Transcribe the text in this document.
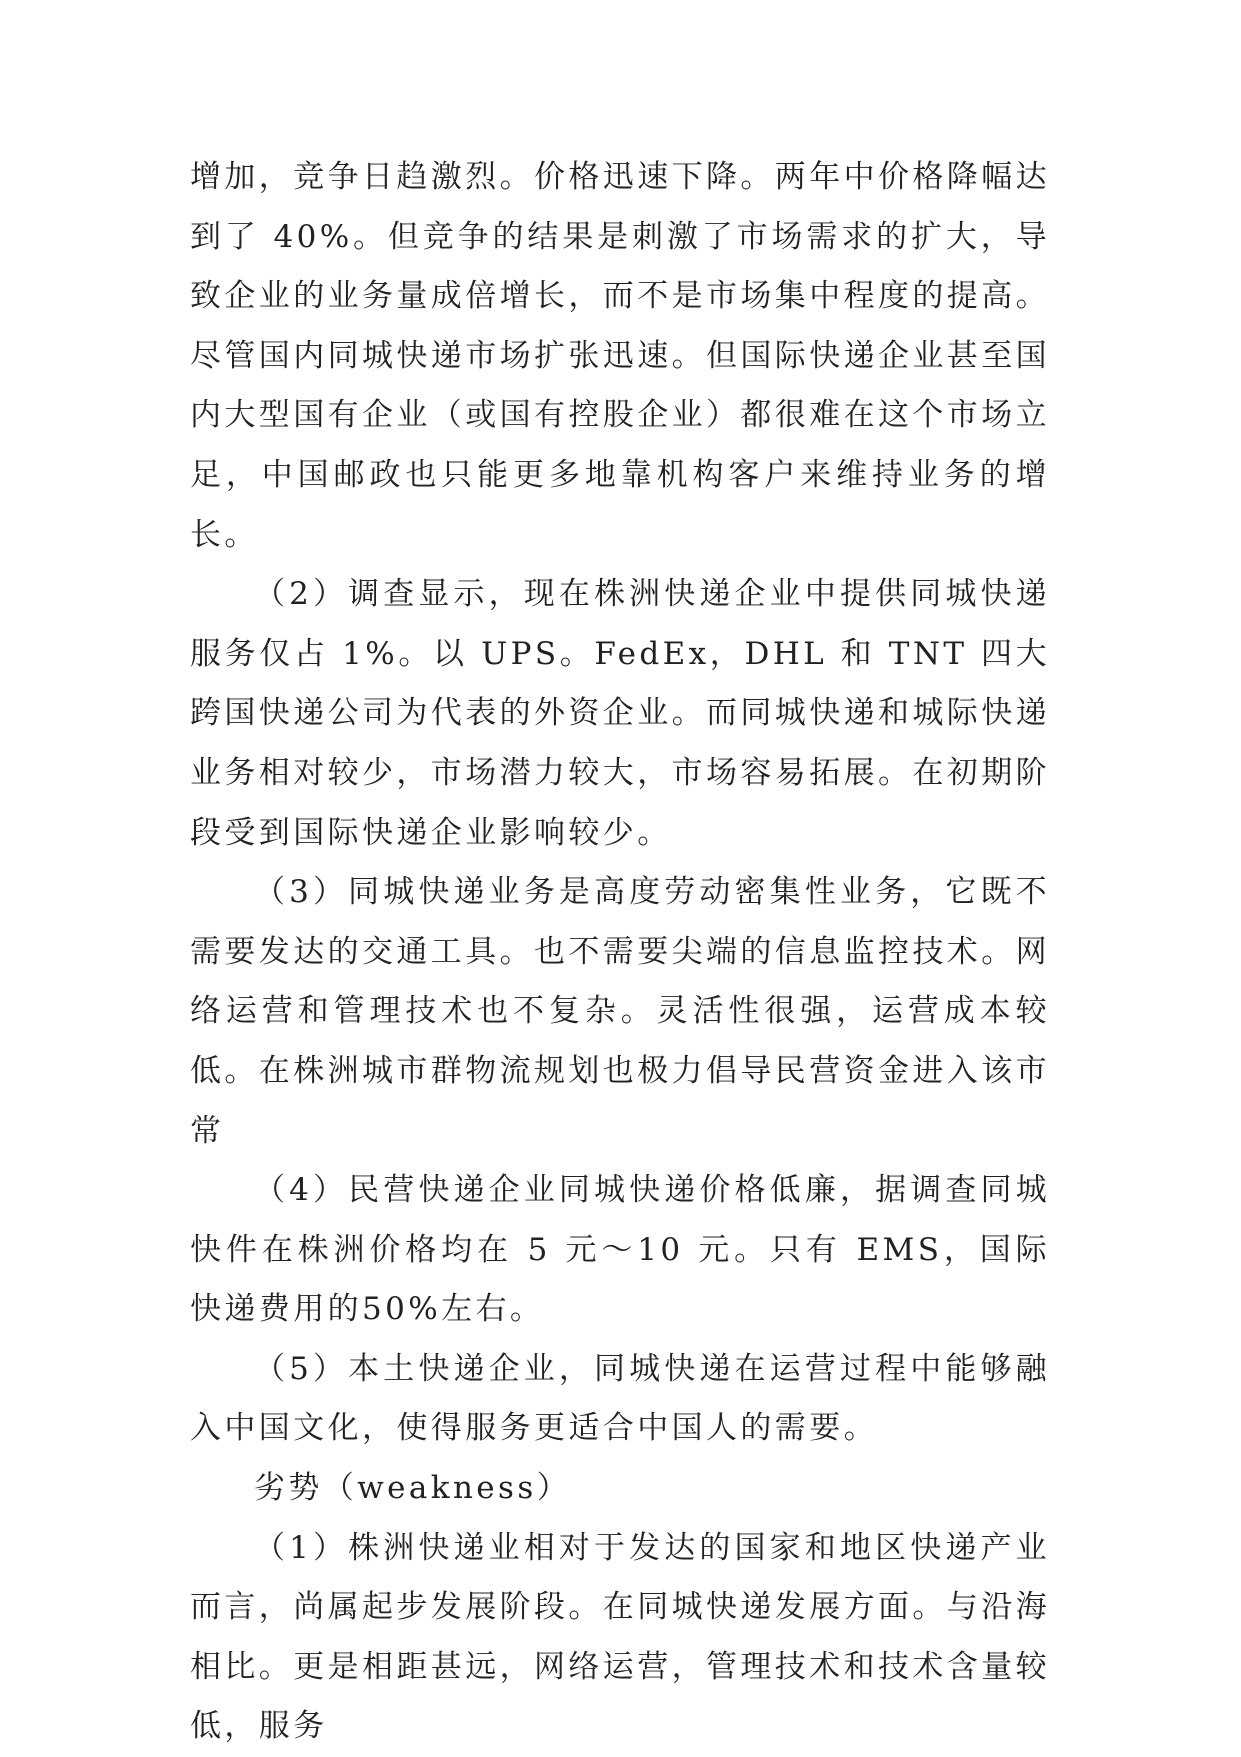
增加，竞争日趋激烈。价格迅速下降。两年中价格降幅达到了 40%。但竞争的结果是刺激了市场需求的扩大，导致企业的业务量成倍增长，而不是市场集中程度的提高。尽管国内同城快递市场扩张迅速。但国际快递企业甚至国内大型国有企业（或国有控股企业）都很难在这个市场立足，中国邮政也只能更多地靠机构客户来维持业务的增长。

（2）调查显示，现在株洲快递企业中提供同城快递服务仅占 1%。以 UPS。FedEx，DHL 和 TNT 四大跨国快递公司为代表的外资企业。而同城快递和城际快递业务相对较少，市场潜力较大，市场容易拓展。在初期阶段受到国际快递企业影响较少。

（3）同城快递业务是高度劳动密集性业务，它既不需要发达的交通工具。也不需要尖端的信息监控技术。网络运营和管理技术也不复杂。灵活性很强，运营成本较低。在株洲城市群物流规划也极力倡导民营资金进入该市常

（4）民营快递企业同城快递价格低廉，据调查同城快件在株洲价格均在 5 元～10 元。只有 EMS，国际快递费用的50%左右。

（5）本土快递企业，同城快递在运营过程中能够融入中国文化，使得服务更适合中国人的需要。

劣势（weakness）

（1）株洲快递业相对于发达的国家和地区快递产业而言，尚属起步发展阶段。在同城快递发展方面。与沿海相比。更是相距甚远，网络运营，管理技术和技术含量较低，服务
